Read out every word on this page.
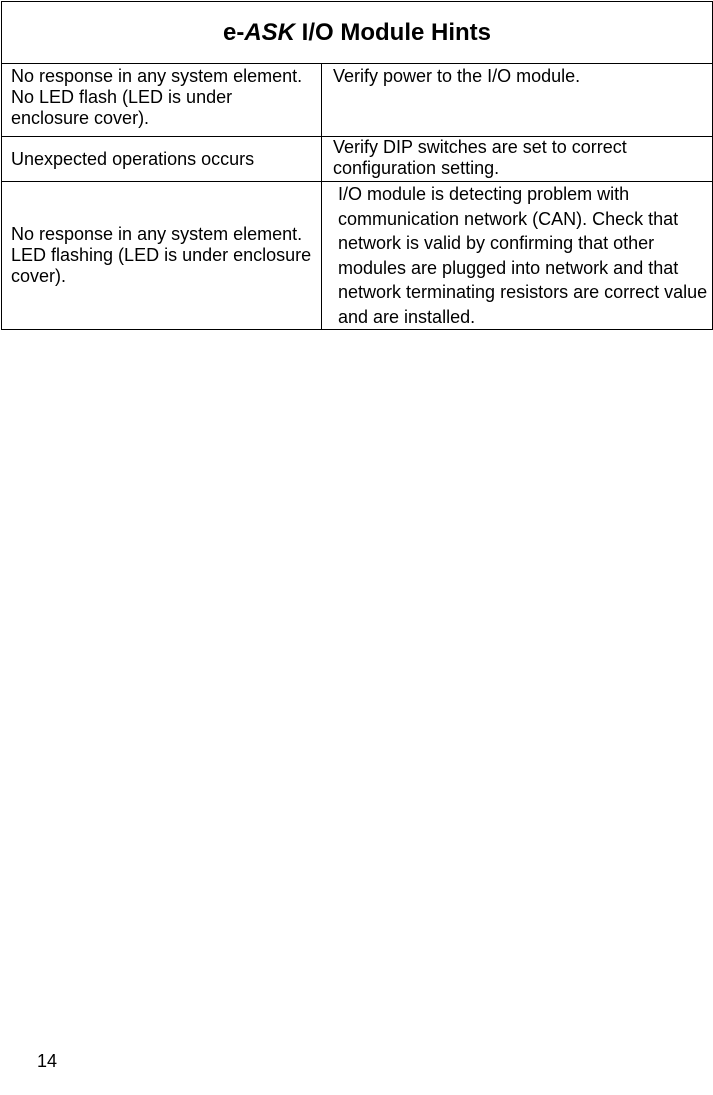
e-ASK I/O Module Hints	
No response in any system element. No LED flash (LED is under enclosure cover).	Verify power to the I/O module.
Unexpected operations occurs	Verify DIP switches are set to correct configuration setting.
No response in any system element. LED flashing (LED is under enclosure cover).	I/O module is detecting problem with communication network (CAN). Check that network is valid by confirming that other modules are plugged into network and that network terminating resistors are correct value and are installed.
14
